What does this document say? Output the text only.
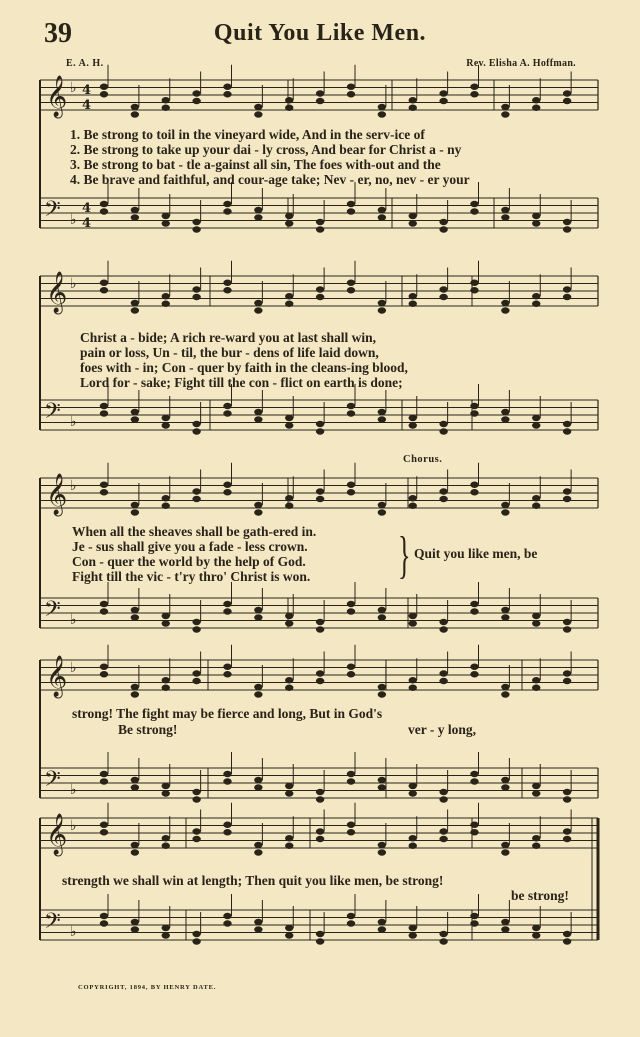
39	Quit You Like Men.
E. A. H.	Rev. Elisha A. Hoffman.
1. Be strong to toil in the vineyard wide, And in the serv-ice of
2. Be strong to take up your dai - ly cross, And bear for Christ a - ny
3. Be strong to bat - tle a-gainst all sin, The foes with-out and the
4. Be brave and faithful, and cour-age take; Nev - er, no, nev - er your
Christ a - bide; A rich re-ward you at last shall win,
pain or loss, Un - til, the bur - dens of life laid down,
foes with - in; Con - quer by faith in the cleans-ing blood,
Lord for - sake; Fight till the con - flict on earth is done;
Chorus.
When all the sheaves shall be gath-ered in.
Je - sus shall give you a fade - less crown.
Con - quer the world by the help of God.
Fight till the vic - t'ry thro' Christ is won.	} Quit you like men, be
strong! The fight may be fierce and long, But in God's
Be strong!	ver - y long,
strength we shall win at length; Then quit you like men, be strong!
be strong!
COPYRIGHT, 1894, BY HENRY DATE.
𝄞 ♭ 4
4
𝄢 ♭
4
4
𝄞 ♭
𝄢 ♭
𝄞 ♭
𝄢 ♭
𝄞 ♭
𝄢 ♭
𝄞 ♭
𝄢 ♭
